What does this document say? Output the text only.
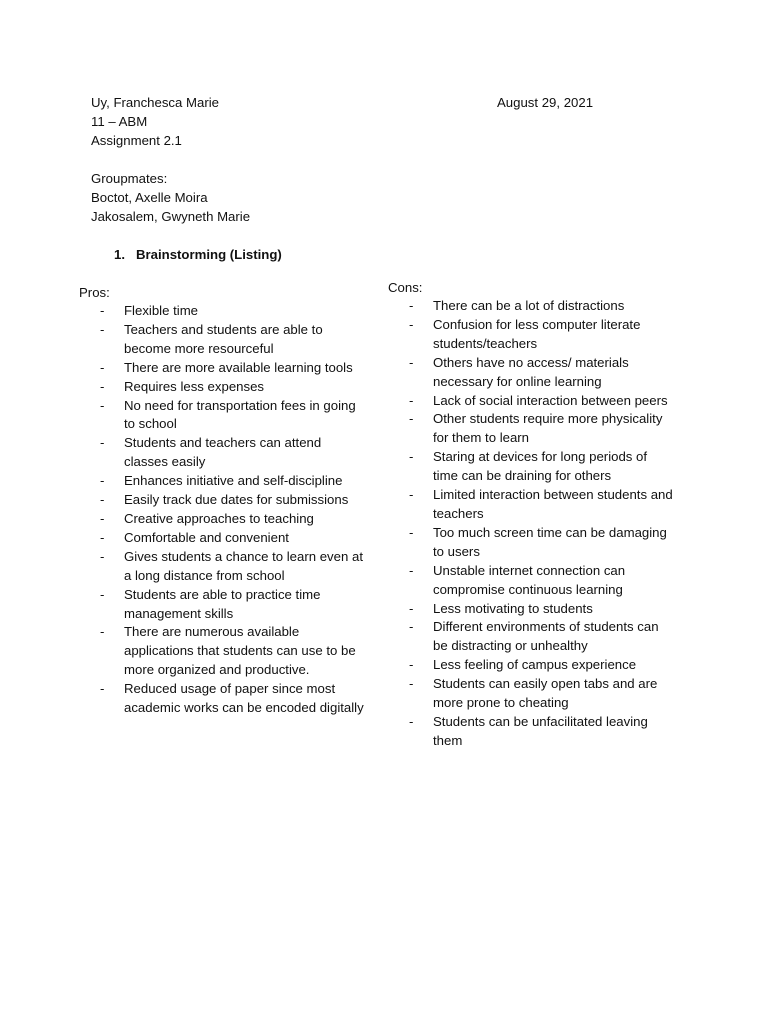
Uy, Franchesca Marie	August 29, 2021
11 – ABM
Assignment 2.1
Groupmates:
Boctot, Axelle Moira
Jakosalem, Gwyneth Marie
1. Brainstorming (Listing)
Pros:
- Flexible time
- Teachers and students are able to become more resourceful
- There are more available learning tools
- Requires less expenses
- No need for transportation fees in going to school
- Students and teachers can attend classes easily
- Enhances initiative and self-discipline
- Easily track due dates for submissions
- Creative approaches to teaching
- Comfortable and convenient
- Gives students a chance to learn even at a long distance from school
- Students are able to practice time management skills
- There are numerous available applications that students can use to be more organized and productive.
- Reduced usage of paper since most academic works can be encoded digitally
Cons:
- There can be a lot of distractions
- Confusion for less computer literate students/teachers
- Others have no access/ materials necessary for online learning
- Lack of social interaction between peers
- Other students require more physicality for them to learn
- Staring at devices for long periods of time can be draining for others
- Limited interaction between students and teachers
- Too much screen time can be damaging to users
- Unstable internet connection can compromise continuous learning
- Less motivating to students
- Different environments of students can be distracting or unhealthy
- Less feeling of campus experience
- Students can easily open tabs and are more prone to cheating
- Students can be unfacilitated leaving them
